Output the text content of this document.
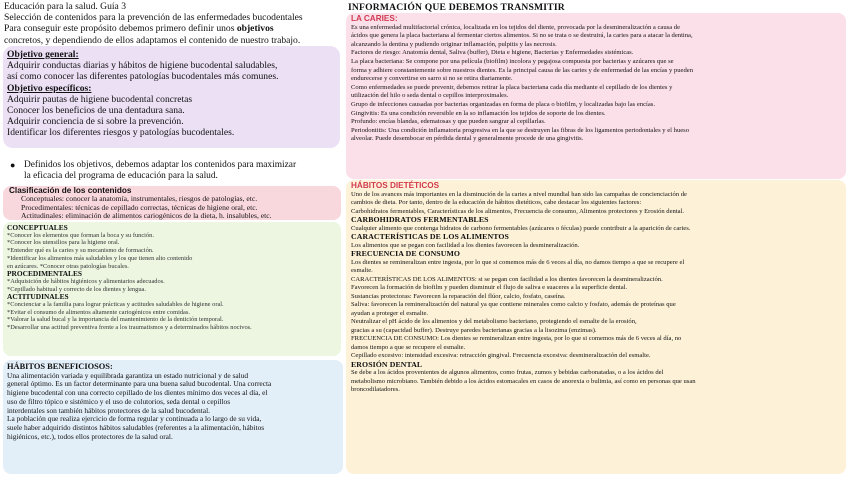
Educación para la salud. Guía 3

Selección de contenidos para la prevención de las enfermedades bucodentales

Para conseguir este propósito debemos primero definir unos objetivos

concretos, y dependiendo de ellos adaptamos el contenido de nuestro trabajo.

Objetivo general:
Adquirir conductas diarias y hábitos de higiene bucodental saludables,
así como conocer las diferentes patologías bucodentales más comunes.
Objetivo específicos:
Adquirir pautas de higiene bucodental concretas
Conocer los beneficios de una dentadura sana.
Adquirir conciencia de si sobre la prevención.
Identificar los diferentes riesgos y patologías bucodentales.
● Definidos los objetivos, debemos adaptar los contenidos para maximizar
la eficacia del programa de educación para la salud.
Clasificación de los contenidos
Conceptuales: conocer la anatomía, instrumentales, riesgos de patologías, etc.
Procedimentales: técnicas de cepillado correctas, técnicas de higiene oral, etc.
Actitudinales: eliminación de alimentos cariogénicos de la dieta, h. insalubles, etc.
CONCEPTUALES
*Conocer los elementos que forman la boca y su función.
*Conocer los utensilios para la higiene oral.
*Entender qué es la caries y su mecanismo de formación.
*Identificar los alimentos más saludables y los que tienen alto contenido
en azúcares. *Conocer otras patologías bucales.
PROCEDIMENTALES
*Adquisición de hábitos higiénicos y alimentarios adecuados.
*Cepillado habitual y correcto de los dientes y lengua.
ACTITUDINALES
*Concienciar a la familia para lograr prácticas y actitudes saludables de higiene oral.
*Evitar el consumo de alimentos altamente cariogénicos entre comidas.
*Valorar la salud bucal y la importancia del mantenimiento de la dentición temporal.
*Desarrollar una actitud preventiva frente a los traumatismos y a determinados hábitos nocivos.
HÁBITOS BENEFICIOSOS:
Una alimentación variada y equilibrada garantiza un estado nutricional y de salud
general óptimo. Es un factor determinante para una buena salud bucodental. Una correcta
higiene bucodental con una correcto cepillado de los dientes mínimo dos veces al día, el
uso de filtro tópico e sistémico y el uso de colutorios, seda dental o cepillos
interdentales son también hábitos protectores de la salud bucodental.
La población que realiza ejercicio de forma regular y continuada a lo largo de su vida,
suele haber adquirido distintos hábitos saludables (referentes a la alimentación, hábitos
higiénicos, etc.), todos ellos protectores de la salud oral.
INFORMACIÓN QUE DEBEMOS TRANSMITIR
LA CARIES:

Es una enfermedad multifactorial crónica, localizada en los tejidos del diente, provocada por la desmineralización a causa de

ácidos que genera la placa bacteriana al fermentar ciertos alimentos. Si no se trata o se destruirá, la caries para a atacar la dentina,

alcanzando la dentina y pudiendo originar inflamación, pulpitis y las necrosis.

Factores de riesgo: Anatomía dental, Saliva (buffer), Dieta e higiene, Bacterias y Enfermedades sistémicas.

La placa bacteriana: Se compone por una película (biofilm) incolora y pegajosa compuesta por bacterias y azúcares que se

forma y adhiere constantemente sobre nuestros dientes. Es la principal causa de las caries y de enfermedad de las encías y pueden

endurecerse y convertirse en sarro si no se retira diariamente.

Como enfermedades se puede prevenir, debemos retirar la placa bacteriana cada día mediante el cepillado de los dientes y

utilización del hilo o seda dental o cepillos interproximales.

Grupo de infecciones causadas por bacterias organizadas en forma de placa o biofilm, y localizadas bajo las encías.

Gingivitis: Es una condición reversible en la so inflamación los tejidos de soporte de los dientes.

Profundo: encías blandas, edematosas y que pueden sangrar al cepillarlas.

Periodontitis: Una condición inflamatoria progresiva en la que se destruyen las fibras de los ligamentos periodontales y el hueso

alveolar. Puede desembocar en pérdida dental y generalmente procede de una gingivitis.

HÁBITOS DIETÉTICOS

Uno de los avances más importantes en la disminución de la caries a nivel mundial han sido las campañas de concienciación de

cambios de dieta. Por tanto, dentro de la educación de hábitos dietéticos, cabe destacar los siguientes factores:

Carbohidratos fermentables, Características de los alimentos, Frecuencia de consumo, Alimentos protectores y Erosión dental.

CARBOHIDRATOS FERMENTABLES

Cualquier alimento que contenga hidratos de carbono fermentables (azúcares o féculas) puede contribuir a la aparición de caries.

CARACTERÍSTICAS DE LOS ALIMENTOS

Los alimentos que se pegan con facilidad a los dientes favorecen la desmineralización.

FRECUENCIA DE CONSUMO

Los dientes se remineralizan entre ingesta, por lo que si comemos más de 6 veces al día, no damos tiempo a que se recupere el

esmalte.

CARACTERÍSTICAS DE LOS ALIMENTOS: si se pegan con facilidad a los dientes favorecen la desmineralización.

Favorecen la formación de biofilm y pueden disminuir el flujo de saliva e suaceres a la superficie dental.

Sustancias protectoras: Favorecen la reparación del flúor, calcio, fosfato, caseína.

Saliva: favorecen la remineralización del natural ya que contiene minerales como calcio y fosfato, además de proteínas que

ayudan a proteger el esmalte.

Neutralizar el pH ácido de los alimentos y del metabolismo bacteriano, protegiendo el esmalte de la erosión,

gracias a su (capacidad buffer). Destruye paredes bacterianas gracias a la lisozima (enzimas).

FRECUENCIA DE CONSUMO: Los dientes se remineralizan entre ingesta, por lo que si comemos más de 6 veces al día, no

damos tiempo a que se recupere el esmalte.

Cepillado excesivo: intensidad excesiva: retracción gingival. Frecuencia excesiva: desmineralización del esmalte.

EROSIÓN DENTAL

Se debe a los ácidos provenientes de algunos alimentos, como frutas, zumos y bebidas carbonatadas, o a los ácidos del

metabolismo microbiano. También debido a los ácidos estomacales en casos de anorexia o bulimia, así como en personas que usan

broncodilatadores.
